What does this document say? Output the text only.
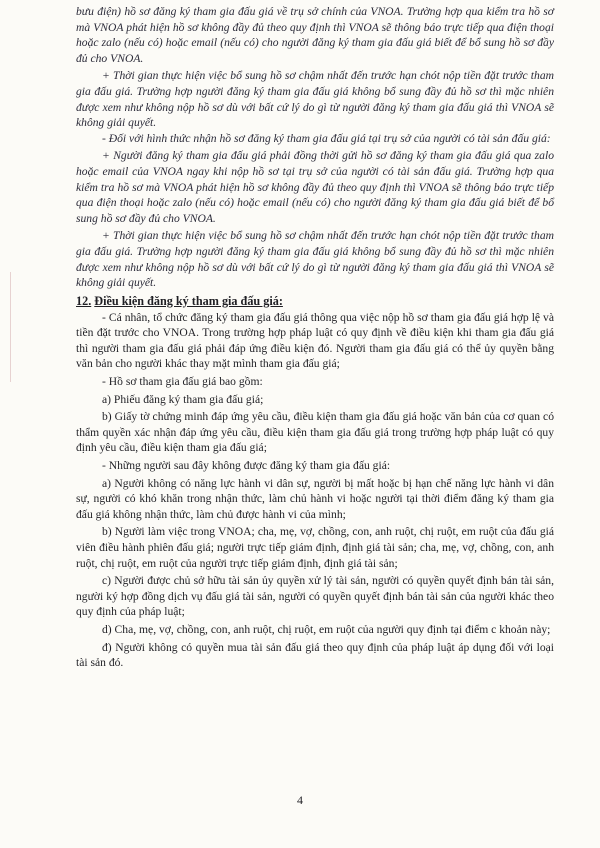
bưu điện) hồ sơ đăng ký tham gia đấu giá về trụ sở chính của VNOA. Trường hợp qua kiểm tra hồ sơ mà VNOA phát hiện hồ sơ không đầy đủ theo quy định thì VNOA sẽ thông báo trực tiếp qua điện thoại hoặc zalo (nếu có) hoặc email (nếu có) cho người đăng ký tham gia đấu giá biết để bổ sung hồ sơ đầy đủ cho VNOA.

+ Thời gian thực hiện việc bổ sung hồ sơ chậm nhất đến trước hạn chót nộp tiền đặt trước tham gia đấu giá. Trường hợp người đăng ký tham gia đấu giá không bổ sung đầy đủ hồ sơ thì mặc nhiên được xem như không nộp hồ sơ dù với bất cứ lý do gì từ người đăng ký tham gia đấu giá thì VNOA sẽ không giải quyết.

- Đối với hình thức nhận hồ sơ đăng ký tham gia đấu giá tại trụ sở của người có tài sản đấu giá:

+ Người đăng ký tham gia đấu giá phải đồng thời gửi hồ sơ đăng ký tham gia đấu giá qua zalo hoặc email của VNOA ngay khi nộp hồ sơ tại trụ sở của người có tài sản đấu giá. Trường hợp qua kiểm tra hồ sơ mà VNOA phát hiện hồ sơ không đầy đủ theo quy định thì VNOA sẽ thông báo trực tiếp qua điện thoại hoặc zalo (nếu có) hoặc email (nếu có) cho người đăng ký tham gia đấu giá biết để bổ sung hồ sơ đầy đủ cho VNOA.

+ Thời gian thực hiện việc bổ sung hồ sơ chậm nhất đến trước hạn chót nộp tiền đặt trước tham gia đấu giá. Trường hợp người đăng ký tham gia đấu giá không bổ sung đầy đủ hồ sơ thì mặc nhiên được xem như không nộp hồ sơ dù với bất cứ lý do gì từ người đăng ký tham gia đấu giá thì VNOA sẽ không giải quyết.

12. Điều kiện đăng ký tham gia đấu giá:

- Cá nhân, tổ chức đăng ký tham gia đấu giá thông qua việc nộp hồ sơ tham gia đấu giá hợp lệ và tiền đặt trước cho VNOA. Trong trường hợp pháp luật có quy định về điều kiện khi tham gia đấu giá thì người tham gia đấu giá phải đáp ứng điều kiện đó. Người tham gia đấu giá có thể ủy quyền bằng văn bản cho người khác thay mặt mình tham gia đấu giá;

- Hồ sơ tham gia đấu giá bao gồm:

a) Phiếu đăng ký tham gia đấu giá;

b) Giấy tờ chứng minh đáp ứng yêu cầu, điều kiện tham gia đấu giá hoặc văn bản của cơ quan có thẩm quyền xác nhận đáp ứng yêu cầu, điều kiện tham gia đấu giá trong trường hợp pháp luật có quy định yêu cầu, điều kiện tham gia đấu giá;

- Những người sau đây không được đăng ký tham gia đấu giá:

a) Người không có năng lực hành vi dân sự, người bị mất hoặc bị hạn chế năng lực hành vi dân sự, người có khó khăn trong nhận thức, làm chủ hành vi hoặc người tại thời điểm đăng ký tham gia đấu giá không nhận thức, làm chủ được hành vi của mình;

b) Người làm việc trong VNOA; cha, mẹ, vợ, chồng, con, anh ruột, chị ruột, em ruột của đấu giá viên điều hành phiên đấu giá; người trực tiếp giám định, định giá tài sản; cha, mẹ, vợ, chồng, con, anh ruột, chị ruột, em ruột của người trực tiếp giám định, định giá tài sản;

c) Người được chủ sở hữu tài sản ủy quyền xử lý tài sản, người có quyền quyết định bán tài sản, người ký hợp đồng dịch vụ đấu giá tài sản, người có quyền quyết định bán tài sản của người khác theo quy định của pháp luật;

d) Cha, mẹ, vợ, chồng, con, anh ruột, chị ruột, em ruột của người quy định tại điểm c khoản này;

đ) Người không có quyền mua tài sản đấu giá theo quy định của pháp luật áp dụng đối với loại tài sản đó.

4
